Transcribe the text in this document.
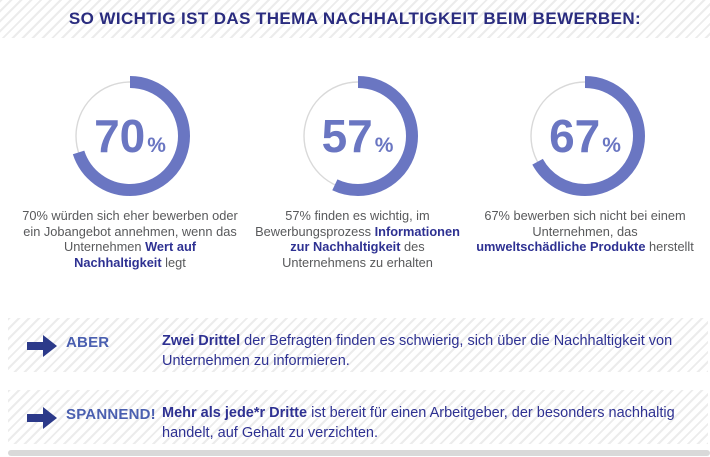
SO WICHTIG IST DAS THEMA NACHHALTIGKEIT BEIM BEWERBEN:
70 %

70% würden sich eher bewerben oder ein Jobangebot annehmen, wenn das Unternehmen Wert auf Nachhaltigkeit legt

57 %

57% finden es wichtig, im Bewerbungsprozess Informationen zur Nachhaltigkeit des Unternehmens zu erhalten

67 %

67% bewerben sich nicht bei einem Unternehmen, das umweltschädliche Produkte herstellt

ABER	Zwei Drittel der Befragten finden es schwierig, sich über die Nachhaltigkeit von Unternehmen zu informieren.

SPANNEND! Mehr als jede*r Dritte ist bereit für einen Arbeitgeber, der besonders nachhaltig handelt, auf Gehalt zu verzichten.
